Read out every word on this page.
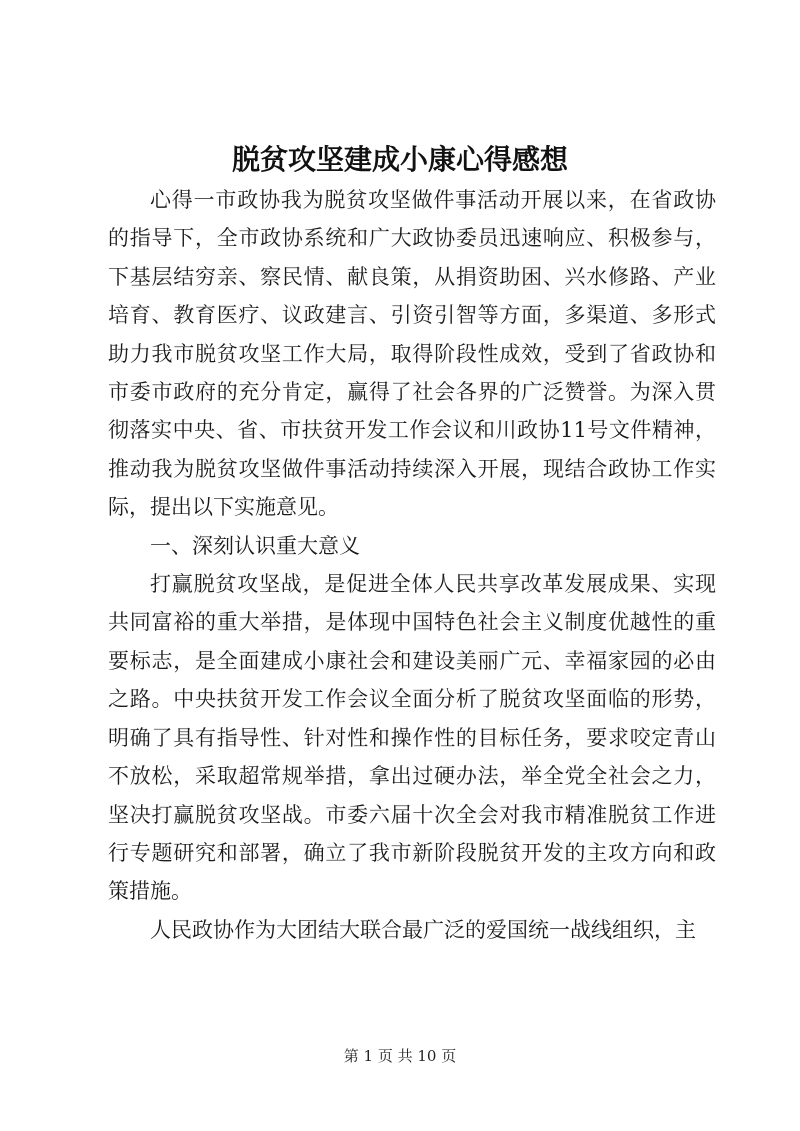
脱贫攻坚建成小康心得感想

心得一市政协我为脱贫攻坚做件事活动开展以来，在省政协的指导下，全市政协系统和广大政协委员迅速响应、积极参与，下基层结穷亲、察民情、献良策，从捐资助困、兴水修路、产业培育、教育医疗、议政建言、引资引智等方面，多渠道、多形式助力我市脱贫攻坚工作大局，取得阶段性成效，受到了省政协和市委市政府的充分肯定，赢得了社会各界的广泛赞誉。为深入贯彻落实中央、省、市扶贫开发工作会议和川政协11号文件精神，推动我为脱贫攻坚做件事活动持续深入开展，现结合政协工作实际，提出以下实施意见。

一、深刻认识重大意义

打赢脱贫攻坚战，是促进全体人民共享改革发展成果、实现共同富裕的重大举措，是体现中国特色社会主义制度优越性的重要标志，是全面建成小康社会和建设美丽广元、幸福家园的必由之路。中央扶贫开发工作会议全面分析了脱贫攻坚面临的形势，明确了具有指导性、针对性和操作性的目标任务，要求咬定青山不放松，采取超常规举措，拿出过硬办法，举全党全社会之力，坚决打赢脱贫攻坚战。市委六届十次全会对我市精准脱贫工作进行专题研究和部署，确立了我市新阶段脱贫开发的主攻方向和政策措施。

人民政协作为大团结大联合最广泛的爱国统一战线组织，主

第 1 页 共 10 页
